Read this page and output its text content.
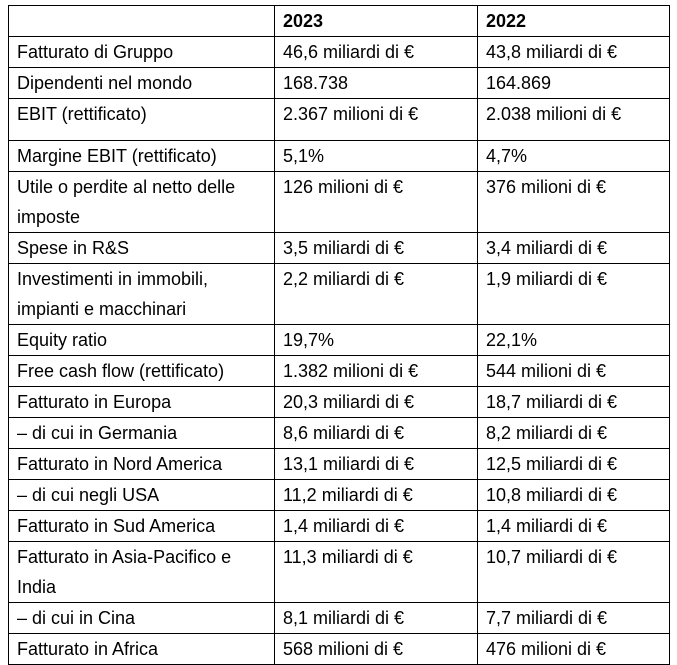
	2023	2022
Fatturato di Gruppo	46,6 miliardi di €	43,8 miliardi di €
Dipendenti nel mondo	168.738	164.869
EBIT (rettificato)	2.367 milioni di €	2.038 milioni di €
Margine EBIT (rettificato)	5,1%	4,7%
Utile o perdite al netto delle imposte	126 milioni di €	376 milioni di €
Spese in R&S	3,5 miliardi di €	3,4 miliardi di €
Investimenti in immobili, impianti e macchinari	2,2 miliardi di €	1,9 miliardi di €
Equity ratio	19,7%	22,1%
Free cash flow (rettificato)	1.382 milioni di €	544 milioni di €
Fatturato in Europa	20,3 miliardi di €	18,7 miliardi di €
– di cui in Germania	8,6 miliardi di €	8,2 miliardi di €
Fatturato in Nord America	13,1 miliardi di €	12,5 miliardi di €
– di cui negli USA	11,2 miliardi di €	10,8 miliardi di €
Fatturato in Sud America	1,4 miliardi di €	1,4 miliardi di €
Fatturato in Asia-Pacifico e India	11,3 miliardi di €	10,7 miliardi di €
– di cui in Cina	8,1 miliardi di €	7,7 miliardi di €
Fatturato in Africa	568 milioni di €	476 milioni di €
